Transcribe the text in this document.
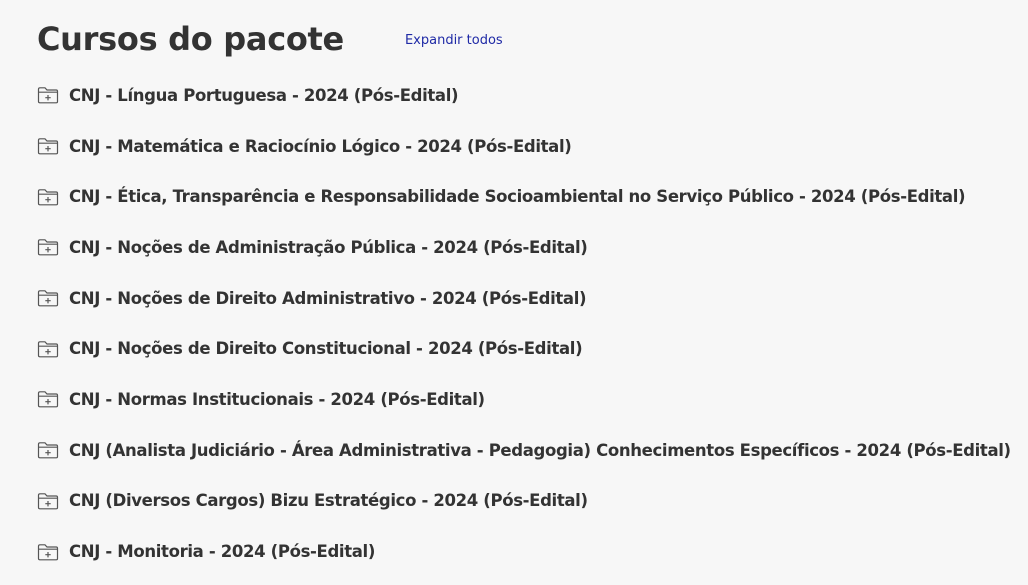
Cursos do pacote	Expandir todos
CNJ - Língua Portuguesa - 2024 (Pós-Edital)
CNJ - Matemática e Raciocínio Lógico - 2024 (Pós-Edital)
CNJ - Ética, Transparência e Responsabilidade Socioambiental no Serviço Público - 2024 (Pós-Edital)
CNJ - Noções de Administração Pública - 2024 (Pós-Edital)
CNJ - Noções de Direito Administrativo - 2024 (Pós-Edital)
CNJ - Noções de Direito Constitucional - 2024 (Pós-Edital)
CNJ - Normas Institucionais - 2024 (Pós-Edital)
CNJ (Analista Judiciário - Área Administrativa - Pedagogia) Conhecimentos Específicos - 2024 (Pós-Edital)
CNJ (Diversos Cargos) Bizu Estratégico - 2024 (Pós-Edital)
CNJ - Monitoria - 2024 (Pós-Edital)
